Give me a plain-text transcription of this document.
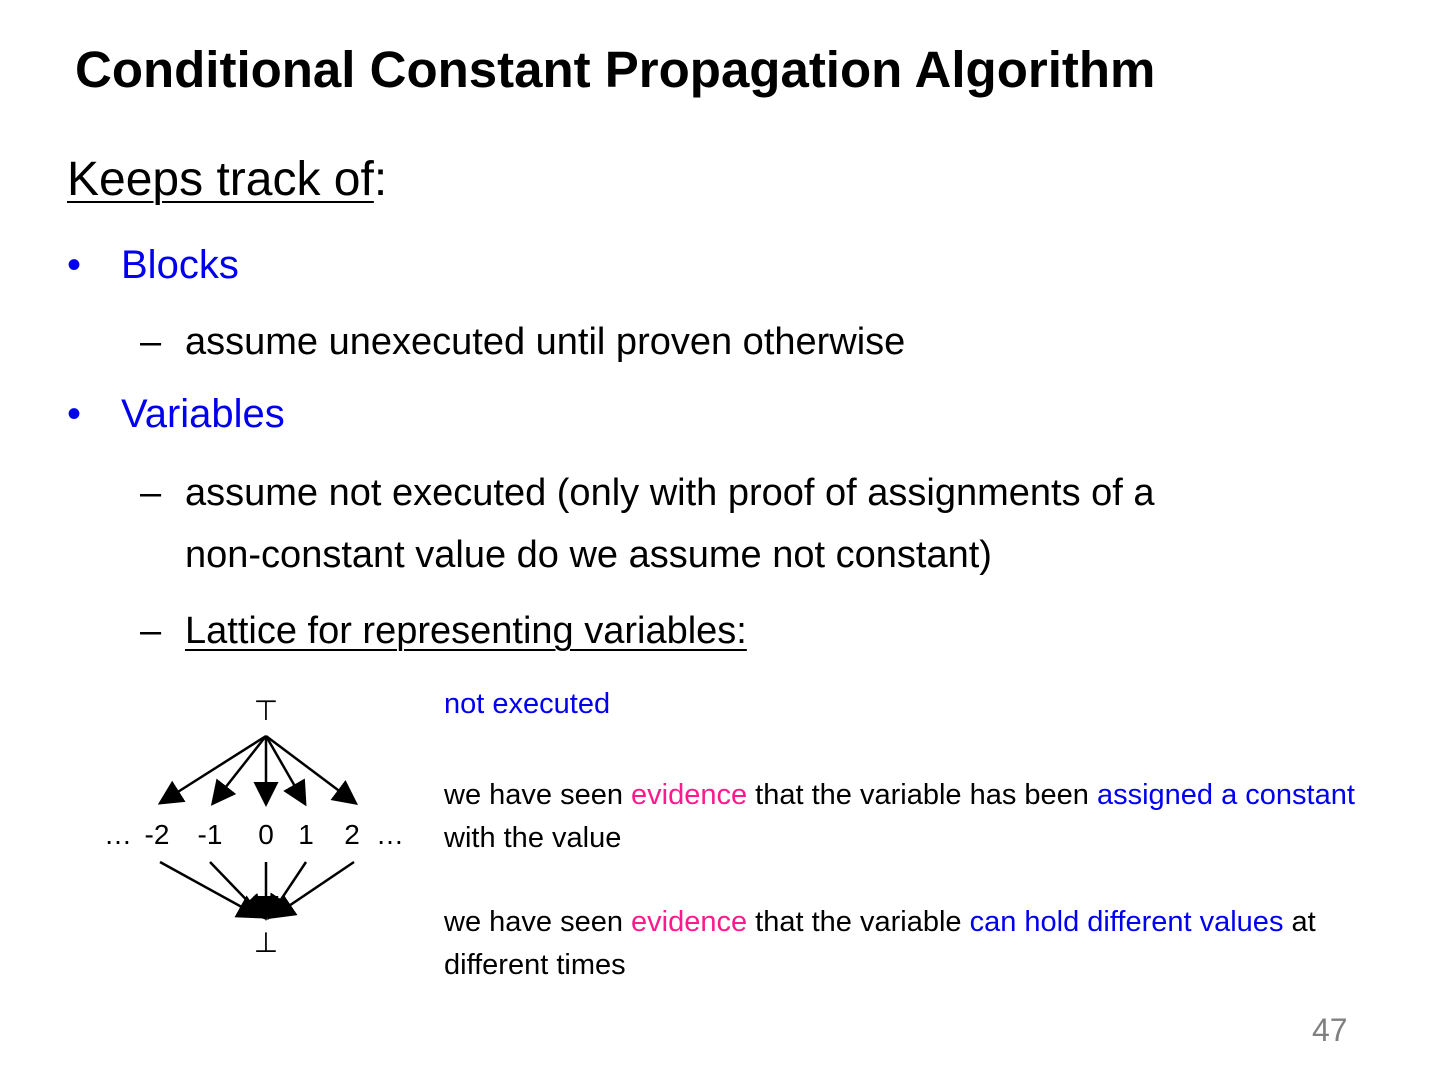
Conditional Constant Propagation Algorithm
Keeps track of:
• Blocks
– assume unexecuted until proven otherwise
• Variables
– assume not executed (only with proof of assignments of a
non-constant value do we assume not constant)
– Lattice for representing variables:
⊤
… -2 -1 0 1 2 …
⊥
not executed
we have seen evidence that the variable has been assigned a constant with the value
we have seen evidence that the variable can hold different values at different times
47
